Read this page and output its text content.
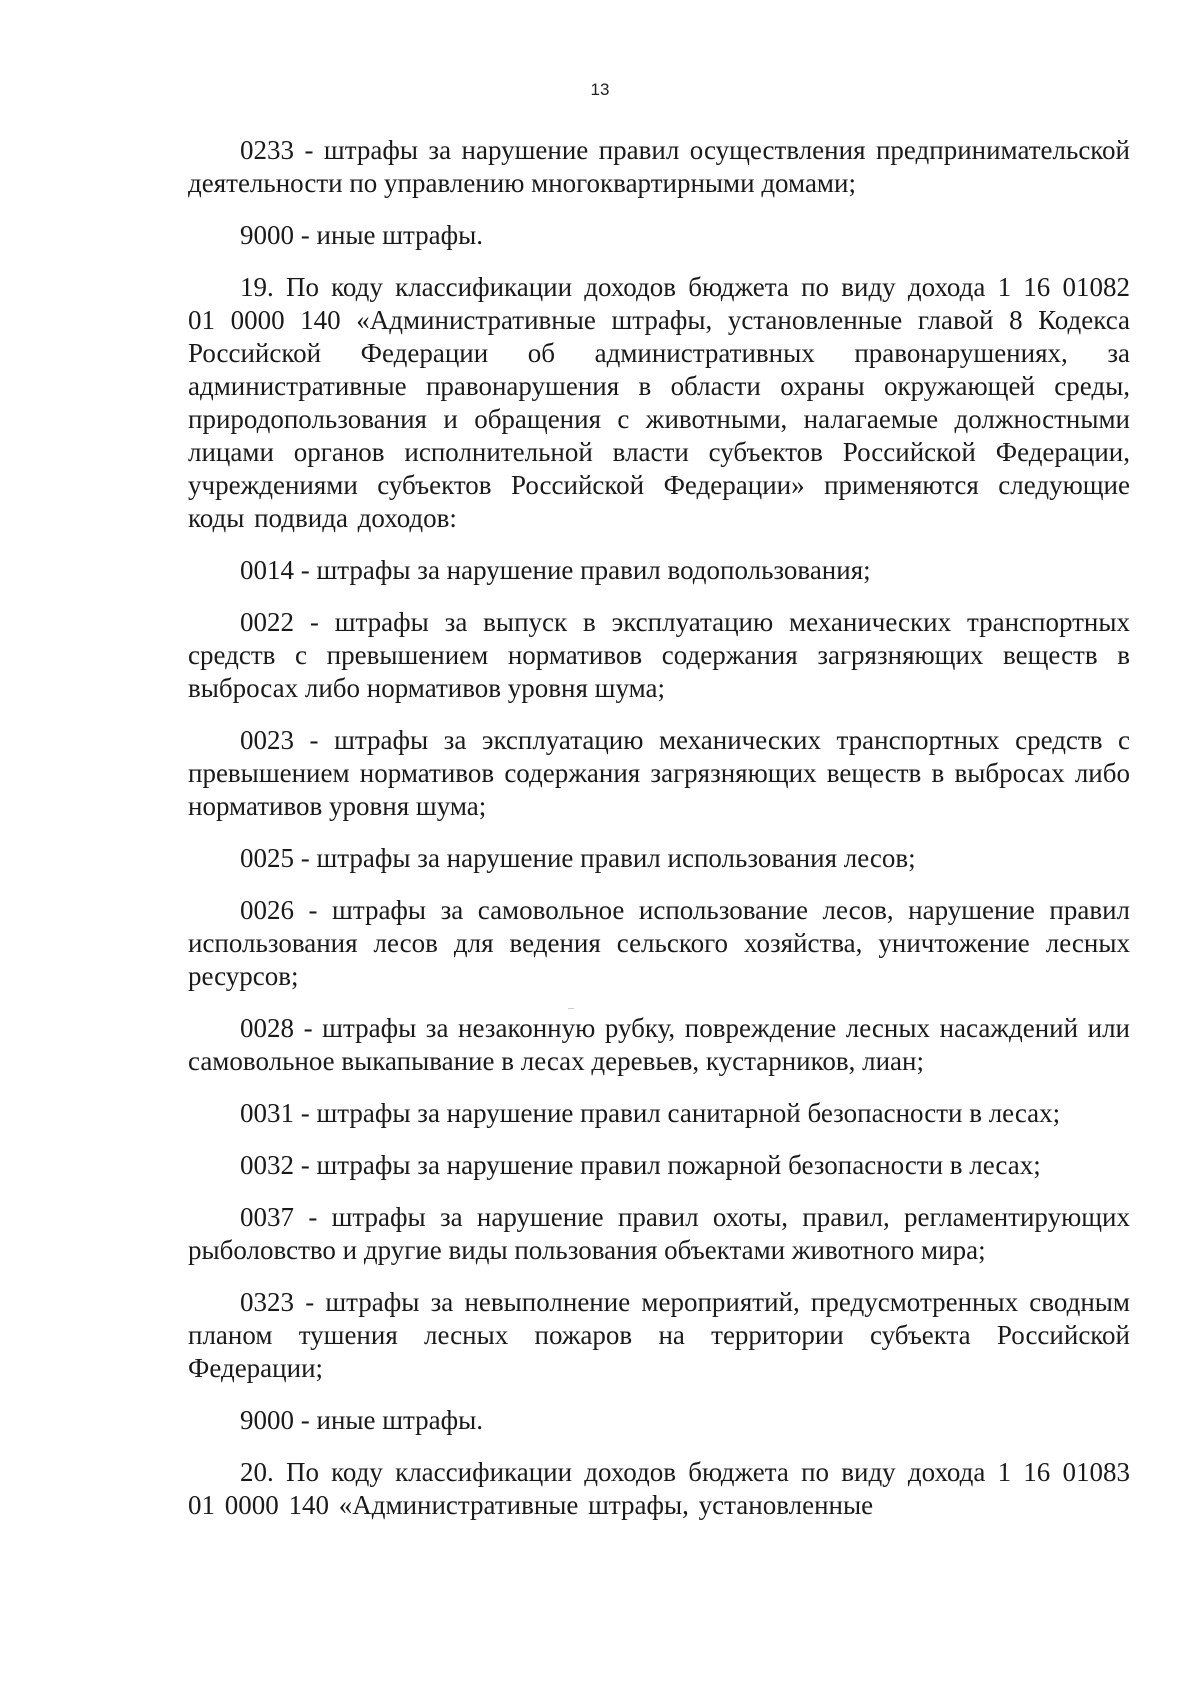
13

0233 - штрафы за нарушение правил осуществления предпринимательской деятельности по управлению многоквартирными домами;

9000 - иные штрафы.

19. По коду классификации доходов бюджета по виду дохода 1 16 01082 01 0000 140 «Административные штрафы, установленные главой 8 Кодекса Российской Федерации об административных правонарушениях, за административные правонарушения в области охраны окружающей среды, природопользования и обращения с животными, налагаемые должностными лицами органов исполнительной власти субъектов Российской Федерации, учреждениями субъектов Российской Федерации» применяются следующие коды подвида доходов:

0014 - штрафы за нарушение правил водопользования;

0022 - штрафы за выпуск в эксплуатацию механических транспортных средств с превышением нормативов содержания загрязняющих веществ в выбросах либо нормативов уровня шума;

0023 - штрафы за эксплуатацию механических транспортных средств с превышением нормативов содержания загрязняющих веществ в выбросах либо нормативов уровня шума;

0025 - штрафы за нарушение правил использования лесов;

0026 - штрафы за самовольное использование лесов, нарушение правил использования лесов для ведения сельского хозяйства, уничтожение лесных ресурсов;

0028 - штрафы за незаконную рубку, повреждение лесных насаждений или самовольное выкапывание в лесах деревьев, кустарников, лиан;

0031 - штрафы за нарушение правил санитарной безопасности в лесах;

0032 - штрафы за нарушение правил пожарной безопасности в лесах;

0037 - штрафы за нарушение правил охоты, правил, регламентирующих рыболовство и другие виды пользования объектами животного мира;

0323 - штрафы за невыполнение мероприятий, предусмотренных сводным планом тушения лесных пожаров на территории субъекта Российской Федерации;

9000 - иные штрафы.

20. По коду классификации доходов бюджета по виду дохода 1 16 01083 01 0000 140 «Административные штрафы, установленные
